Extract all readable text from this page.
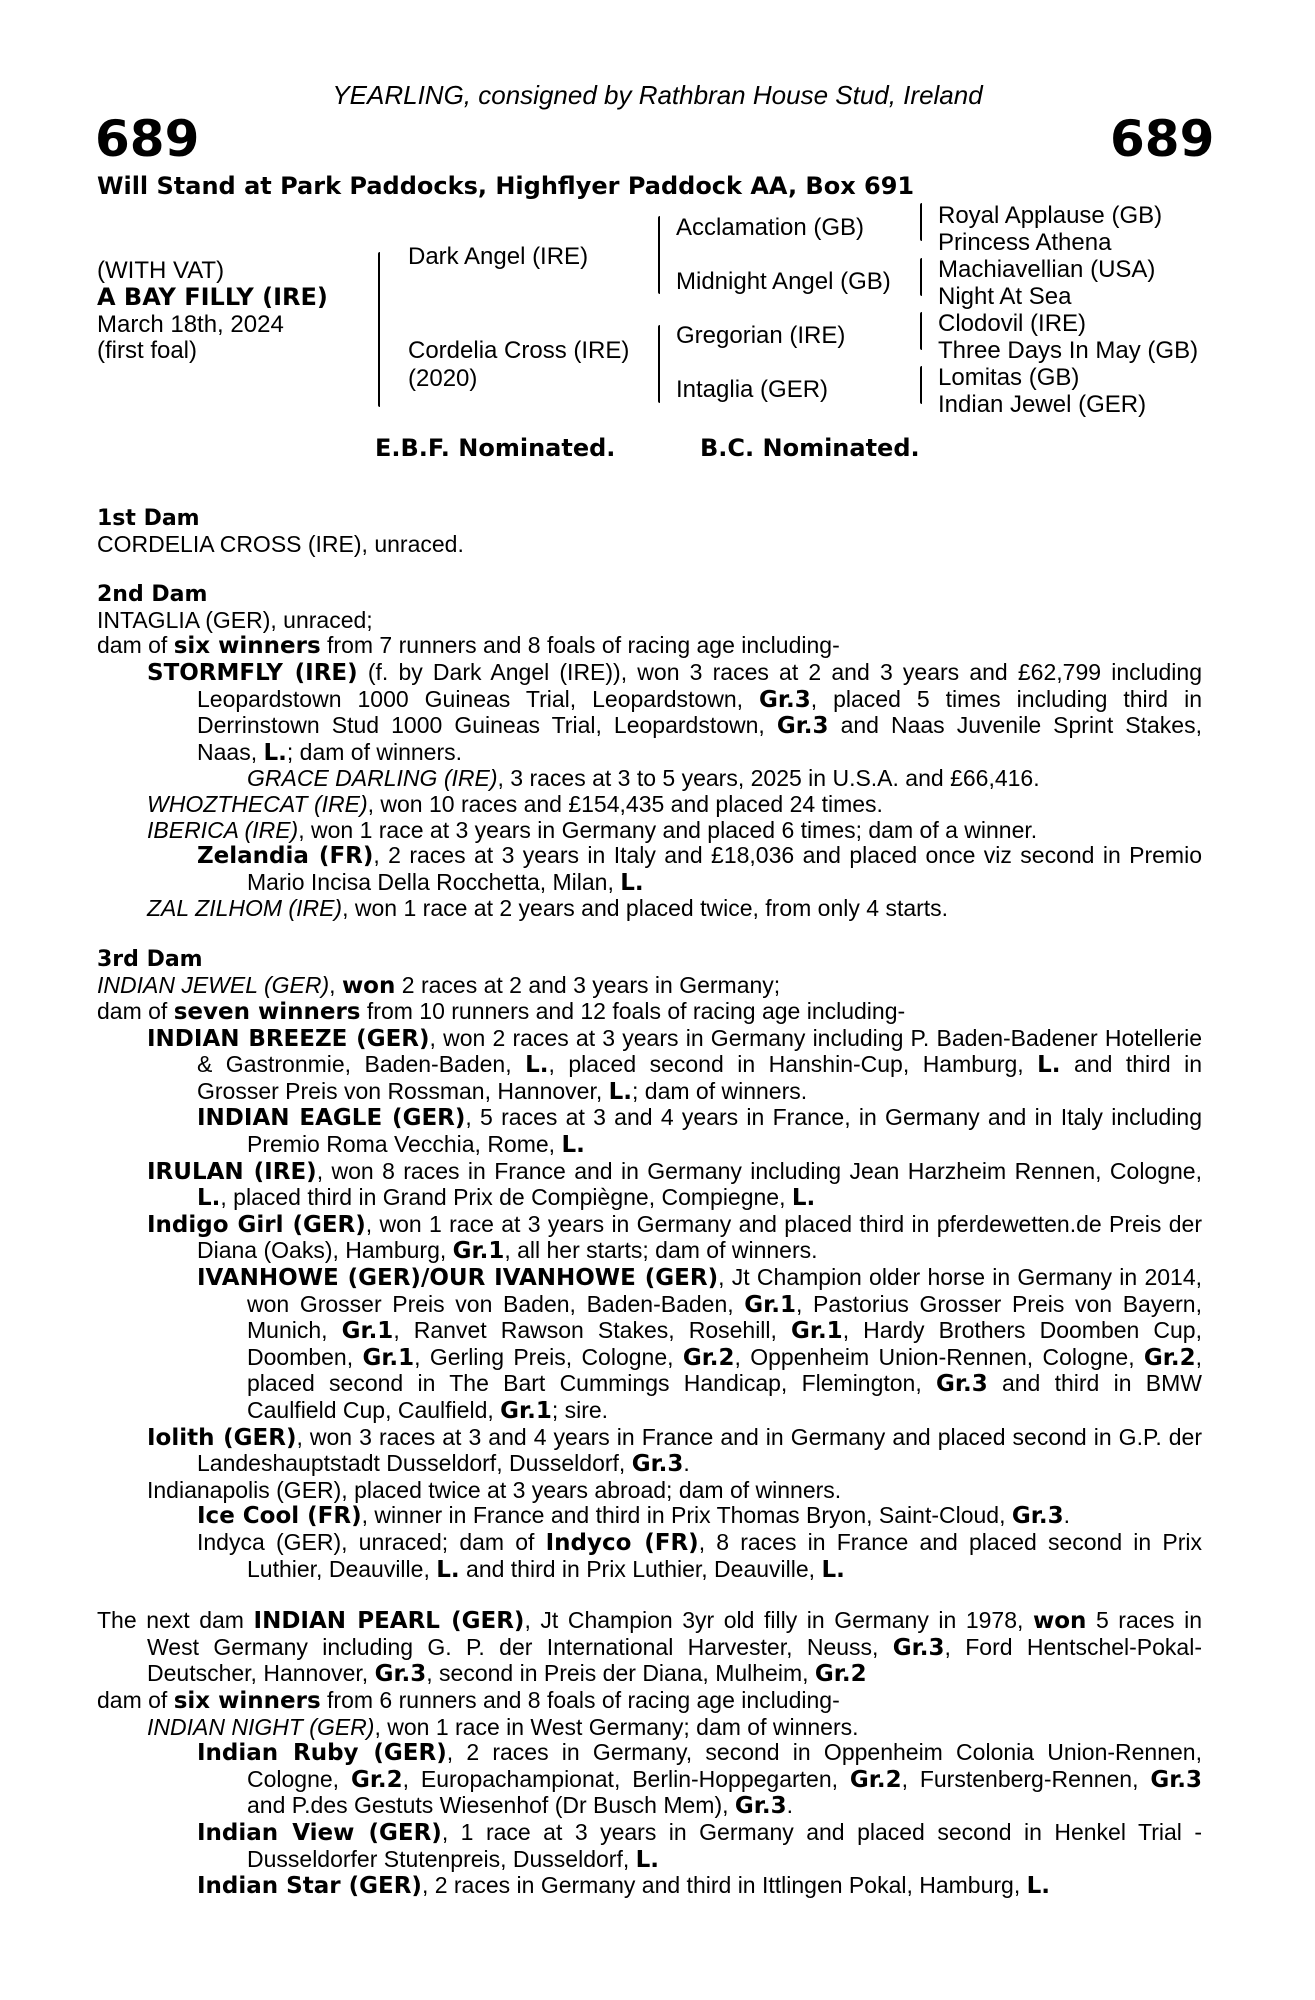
YEARLING, consigned by Rathbran House Stud, Ireland
689	689
Will Stand at Park Paddocks, Highflyer Paddock AA, Box 691
(WITH VAT)
A BAY FILLY (IRE)
March 18th, 2024
(first foal)
Dark Angel (IRE)
Cordelia Cross (IRE)
(2020)
Acclamation (GB)
Midnight Angel (GB)
Gregorian (IRE)
Intaglia (GER)
Royal Applause (GB)
Princess Athena
Machiavellian (USA)
Night At Sea
Clodovil (IRE)
Three Days In May (GB)
Lomitas (GB)
Indian Jewel (GER)
E.B.F. Nominated.	B.C. Nominated.

1st Dam

CORDELIA CROSS (IRE), unraced.

2nd Dam

INTAGLIA (GER), unraced;

dam of six winners from 7 runners and 8 foals of racing age including-

STORMFLY (IRE) (f. by Dark Angel (IRE)), won 3 races at 2 and 3 years and £62,799 including Leopardstown 1000 Guineas Trial, Leopardstown, Gr.3, placed 5 times including third in Derrinstown Stud 1000 Guineas Trial, Leopardstown, Gr.3 and Naas Juvenile Sprint Stakes, Naas, L.; dam of winners.

GRACE DARLING (IRE), 3 races at 3 to 5 years, 2025 in U.S.A. and £66,416.

WHOZTHECAT (IRE), won 10 races and £154,435 and placed 24 times.

IBERICA (IRE), won 1 race at 3 years in Germany and placed 6 times; dam of a winner.

Zelandia (FR), 2 races at 3 years in Italy and £18,036 and placed once viz second in Premio Mario Incisa Della Rocchetta, Milan, L.

ZAL ZILHOM (IRE), won 1 race at 2 years and placed twice, from only 4 starts.

3rd Dam

INDIAN JEWEL (GER), won 2 races at 2 and 3 years in Germany;

dam of seven winners from 10 runners and 12 foals of racing age including-

INDIAN BREEZE (GER), won 2 races at 3 years in Germany including P. Baden-Badener Hotellerie & Gastronmie, Baden-Baden, L., placed second in Hanshin-Cup, Hamburg, L. and third in Grosser Preis von Rossman, Hannover, L.; dam of winners.

INDIAN EAGLE (GER), 5 races at 3 and 4 years in France, in Germany and in Italy including Premio Roma Vecchia, Rome, L.

IRULAN (IRE), won 8 races in France and in Germany including Jean Harzheim Rennen, Cologne, L., placed third in Grand Prix de Compiègne, Compiegne, L.

Indigo Girl (GER), won 1 race at 3 years in Germany and placed third in pferdewetten.de Preis der Diana (Oaks), Hamburg, Gr.1, all her starts; dam of winners.

IVANHOWE (GER)/OUR IVANHOWE (GER), Jt Champion older horse in Germany in 2014, won Grosser Preis von Baden, Baden-Baden, Gr.1, Pastorius Grosser Preis von Bayern, Munich, Gr.1, Ranvet Rawson Stakes, Rosehill, Gr.1, Hardy Brothers Doomben Cup, Doomben, Gr.1, Gerling Preis, Cologne, Gr.2, Oppenheim Union-Rennen, Cologne, Gr.2, placed second in The Bart Cummings Handicap, Flemington, Gr.3 and third in BMW Caulfield Cup, Caulfield, Gr.1; sire.

Iolith (GER), won 3 races at 3 and 4 years in France and in Germany and placed second in G.P. der Landeshauptstadt Dusseldorf, Dusseldorf, Gr.3.

Indianapolis (GER), placed twice at 3 years abroad; dam of winners.

Ice Cool (FR), winner in France and third in Prix Thomas Bryon, Saint-Cloud, Gr.3.

Indyca (GER), unraced; dam of Indyco (FR), 8 races in France and placed second in Prix Luthier, Deauville, L. and third in Prix Luthier, Deauville, L.

The next dam INDIAN PEARL (GER), Jt Champion 3yr old filly in Germany in 1978, won 5 races in West Germany including G. P. der International Harvester, Neuss, Gr.3, Ford Hentschel-Pokal-Deutscher, Hannover, Gr.3, second in Preis der Diana, Mulheim, Gr.2

dam of six winners from 6 runners and 8 foals of racing age including-

INDIAN NIGHT (GER), won 1 race in West Germany; dam of winners.

Indian Ruby (GER), 2 races in Germany, second in Oppenheim Colonia Union-Rennen, Cologne, Gr.2, Europachampionat, Berlin-Hoppegarten, Gr.2, Furstenberg-Rennen, Gr.3 and P.des Gestuts Wiesenhof (Dr Busch Mem), Gr.3.

Indian View (GER), 1 race at 3 years in Germany and placed second in Henkel Trial - Dusseldorfer Stutenpreis, Dusseldorf, L.

Indian Star (GER), 2 races in Germany and third in Ittlingen Pokal, Hamburg, L.
